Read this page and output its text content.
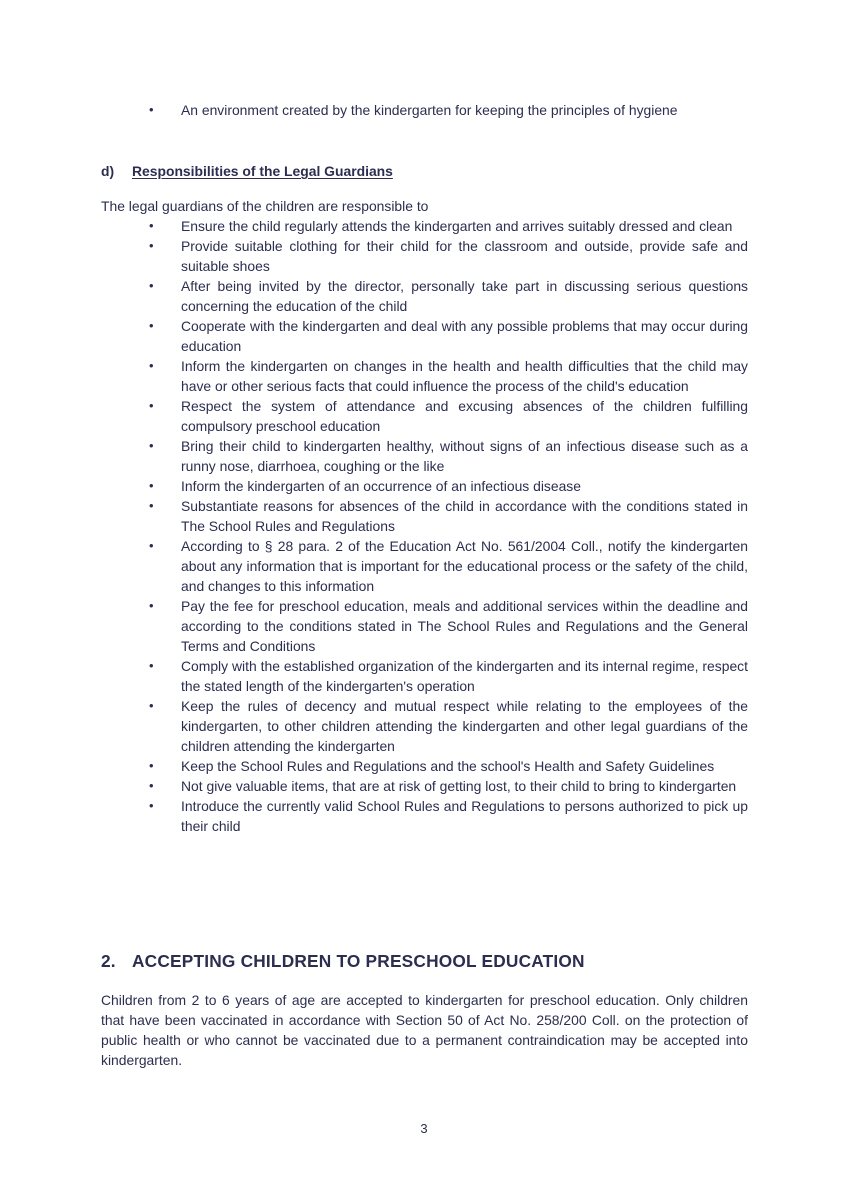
• An environment created by the kindergarten for keeping the principles of hygiene
d) Responsibilities of the Legal Guardians
The legal guardians of the children are responsible to
• Ensure the child regularly attends the kindergarten and arrives suitably dressed and clean
• Provide suitable clothing for their child for the classroom and outside, provide safe and suitable shoes
• After being invited by the director, personally take part in discussing serious questions concerning the education of the child
• Cooperate with the kindergarten and deal with any possible problems that may occur during education
• Inform the kindergarten on changes in the health and health difficulties that the child may have or other serious facts that could influence the process of the child's education
• Respect the system of attendance and excusing absences of the children fulfilling compulsory preschool education
• Bring their child to kindergarten healthy, without signs of an infectious disease such as a runny nose, diarrhoea, coughing or the like
• Inform the kindergarten of an occurrence of an infectious disease
• Substantiate reasons for absences of the child in accordance with the conditions stated in The School Rules and Regulations
• According to § 28 para. 2 of the Education Act No. 561/2004 Coll., notify the kindergarten about any information that is important for the educational process or the safety of the child, and changes to this information
• Pay the fee for preschool education, meals and additional services within the deadline and according to the conditions stated in The School Rules and Regulations and the General Terms and Conditions
• Comply with the established organization of the kindergarten and its internal regime, respect the stated length of the kindergarten's operation
• Keep the rules of decency and mutual respect while relating to the employees of the kindergarten, to other children attending the kindergarten and other legal guardians of the children attending the kindergarten
• Keep the School Rules and Regulations and the school's Health and Safety Guidelines
• Not give valuable items, that are at risk of getting lost, to their child to bring to kindergarten
• Introduce the currently valid School Rules and Regulations to persons authorized to pick up their child
2. ACCEPTING CHILDREN TO PRESCHOOL EDUCATION

Children from 2 to 6 years of age are accepted to kindergarten for preschool education. Only children that have been vaccinated in accordance with Section 50 of Act No. 258/200 Coll. on the protection of public health or who cannot be vaccinated due to a permanent contraindication may be accepted into kindergarten.

3
